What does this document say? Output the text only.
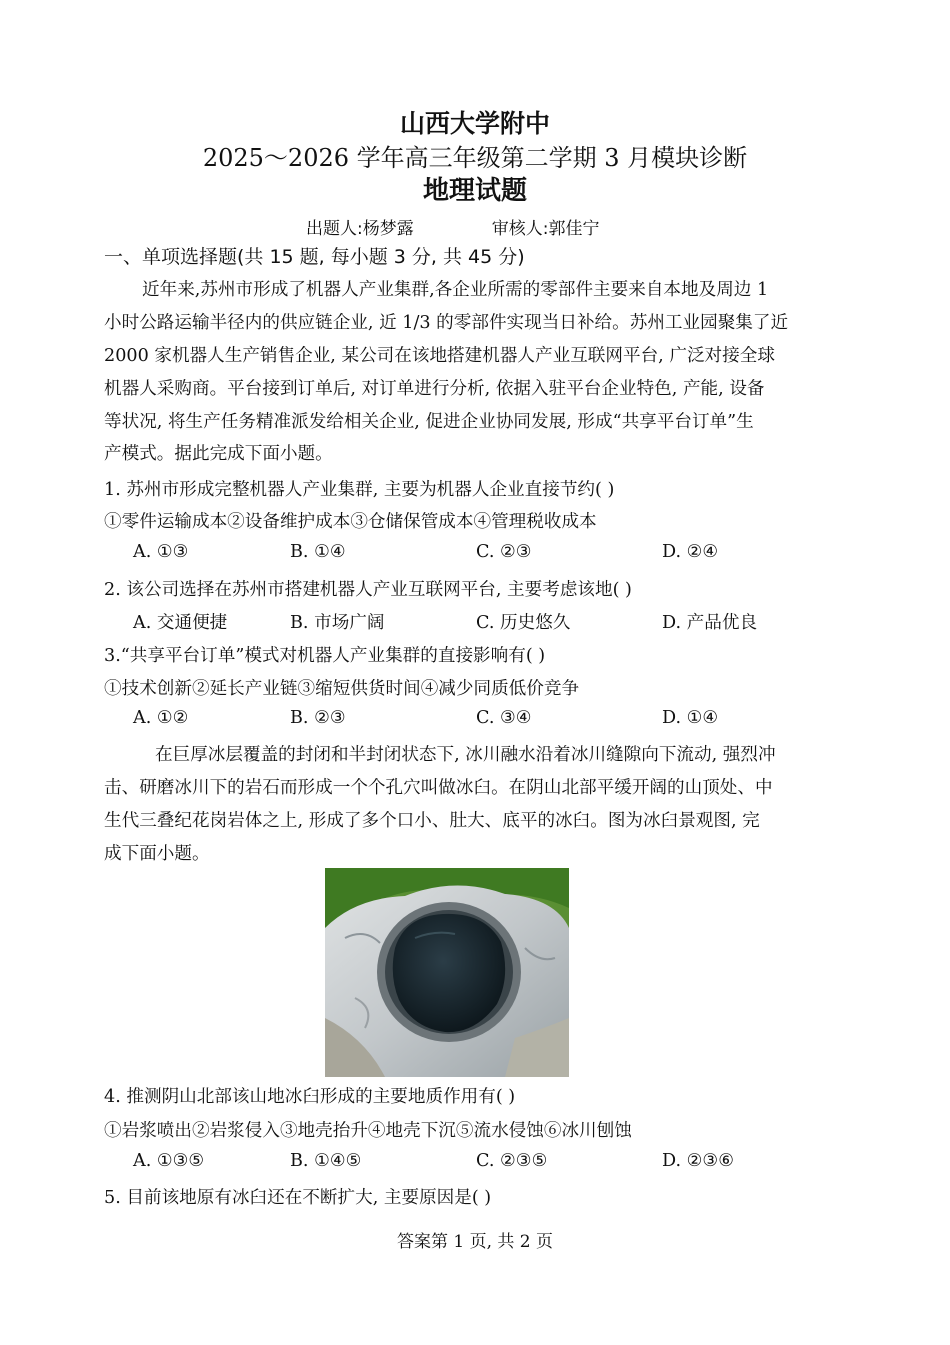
山西大学附中
2025～2026 学年高三年级第二学期 3 月模块诊断
地理试题
出题人:杨梦露	审核人:郭佳宁
一、单项选择题(共 15 题, 每小题 3 分, 共 45 分)
近年来,苏州市形成了机器人产业集群,各企业所需的零部件主要来自本地及周边 1
小时公路运输半径内的供应链企业, 近 1/3 的零部件实现当日补给。苏州工业园聚集了近
2000 家机器人生产销售企业, 某公司在该地搭建机器人产业互联网平台, 广泛对接全球
机器人采购商。平台接到订单后, 对订单进行分析, 依据入驻平台企业特色, 产能, 设备
等状况, 将生产任务精准派发给相关企业, 促进企业协同发展, 形成“共享平台订单”生
产模式。据此完成下面小题。
1. 苏州市形成完整机器人产业集群, 主要为机器人企业直接节约( )
①零件运输成本②设备维护成本③仓储保管成本④管理税收成本
A. ①③	B. ①④	C. ②③	D. ②④
2. 该公司选择在苏州市搭建机器人产业互联网平台, 主要考虑该地( )
A. 交通便捷	B. 市场广阔	C. 历史悠久	D. 产品优良
3.“共享平台订单”模式对机器人产业集群的直接影响有( )
①技术创新②延长产业链③缩短供货时间④减少同质低价竞争
A. ①②	B. ②③	C. ③④	D. ①④
在巨厚冰层覆盖的封闭和半封闭状态下, 冰川融水沿着冰川缝隙向下流动, 强烈冲
击、研磨冰川下的岩石而形成一个个孔穴叫做冰臼。在阴山北部平缓开阔的山顶处、中
生代三叠纪花岗岩体之上, 形成了多个口小、肚大、底平的冰臼。图为冰臼景观图, 完
成下面小题。
4. 推测阴山北部该山地冰臼形成的主要地质作用有( )
①岩浆喷出②岩浆侵入③地壳抬升④地壳下沉⑤流水侵蚀⑥冰川刨蚀
A. ①③⑤	B. ①④⑤	C. ②③⑤	D. ②③⑥
5. 目前该地原有冰臼还在不断扩大, 主要原因是( )
答案第 1 页, 共 2 页
